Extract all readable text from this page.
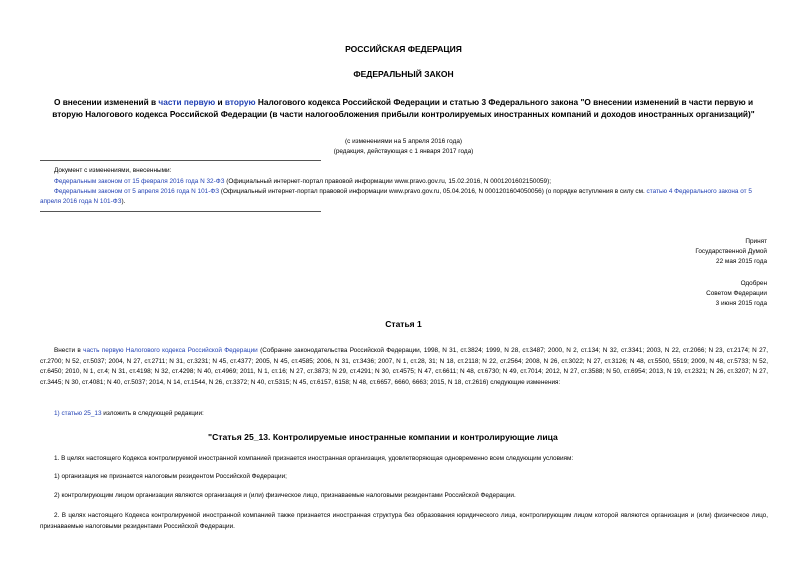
РОССИЙСКАЯ ФЕДЕРАЦИЯ
ФЕДЕРАЛЬНЫЙ ЗАКОН
О внесении изменений в части первую и вторую Налогового кодекса Российской Федерации и статью 3 Федерального закона "О внесении изменений в части первую и вторую Налогового кодекса Российской Федерации (в части налогообложения прибыли контролируемых иностранных компаний и доходов иностранных организаций)"
(с изменениями на 5 апреля 2016 года)
(редакция, действующая с 1 января 2017 года)
Документ с изменениями, внесенными:
Федеральным законом от 15 февраля 2016 года N 32-ФЗ (Официальный интернет-портал правовой информации www.pravo.gov.ru, 15.02.2016, N 0001201602150059);
Федеральным законом от 5 апреля 2016 года N 101-ФЗ (Официальный интернет-портал правовой информации www.pravo.gov.ru, 05.04.2016, N 0001201604050056) (о порядке вступления в силу см. статью 4 Федерального закона от 5 апреля 2016 года N 101-ФЗ).
Принят
Государственной Думой
22 мая 2015 года
Одобрен
Советом Федерации
3 июня 2015 года
Статья 1
Внести в часть первую Налогового кодекса Российской Федерации (Собрание законодательства Российской Федерации, 1998, N 31, ст.3824; 1999, N 28, ст.3487; 2000, N 2, ст.134; N 32, ст.3341; 2003, N 22, ст.2066; N 23, ст.2174; N 27, ст.2700; N 52, ст.5037; 2004, N 27, ст.2711; N 31, ст.3231; N 45, ст.4377; 2005, N 45, ст.4585; 2006, N 31, ст.3436; 2007, N 1, ст.28, 31; N 18, ст.2118; N 22, ст.2564; 2008, N 26, ст.3022; N 27, ст.3126; N 48, ст.5500, 5519; 2009, N 48, ст.5733; N 52, ст.6450; 2010, N 1, ст.4; N 31, ст.4198; N 32, ст.4298; N 40, ст.4969; 2011, N 1, ст.16; N 27, ст.3873; N 29, ст.4291; N 30, ст.4575; N 47, ст.6611; N 48, ст.6730; N 49, ст.7014; 2012, N 27, ст.3588; N 50, ст.6954; 2013, N 19, ст.2321; N 26, ст.3207; N 27, ст.3445; N 30, ст.4081; N 40, ст.5037; 2014, N 14, ст.1544, N 26, ст.3372; N 40, ст.5315; N 45, ст.6157, 6158; N 48, ст.6657, 6660, 6663; 2015, N 18, ст.2616) следующие изменения:
1) статью 25_13 изложить в следующей редакции:
"Статья 25_13. Контролируемые иностранные компании и контролирующие лица
1. В целях настоящего Кодекса контролируемой иностранной компанией признается иностранная организация, удовлетворяющая одновременно всем следующим условиям:
1) организация не признается налоговым резидентом Российской Федерации;
2) контролирующим лицом организации являются организация и (или) физическое лицо, признаваемые налоговыми резидентами Российской Федерации.
2. В целях настоящего Кодекса контролируемой иностранной компанией также признается иностранная структура без образования юридического лица, контролирующим лицом которой являются организация и (или) физическое лицо, признаваемые налоговыми резидентами Российской Федерации.
